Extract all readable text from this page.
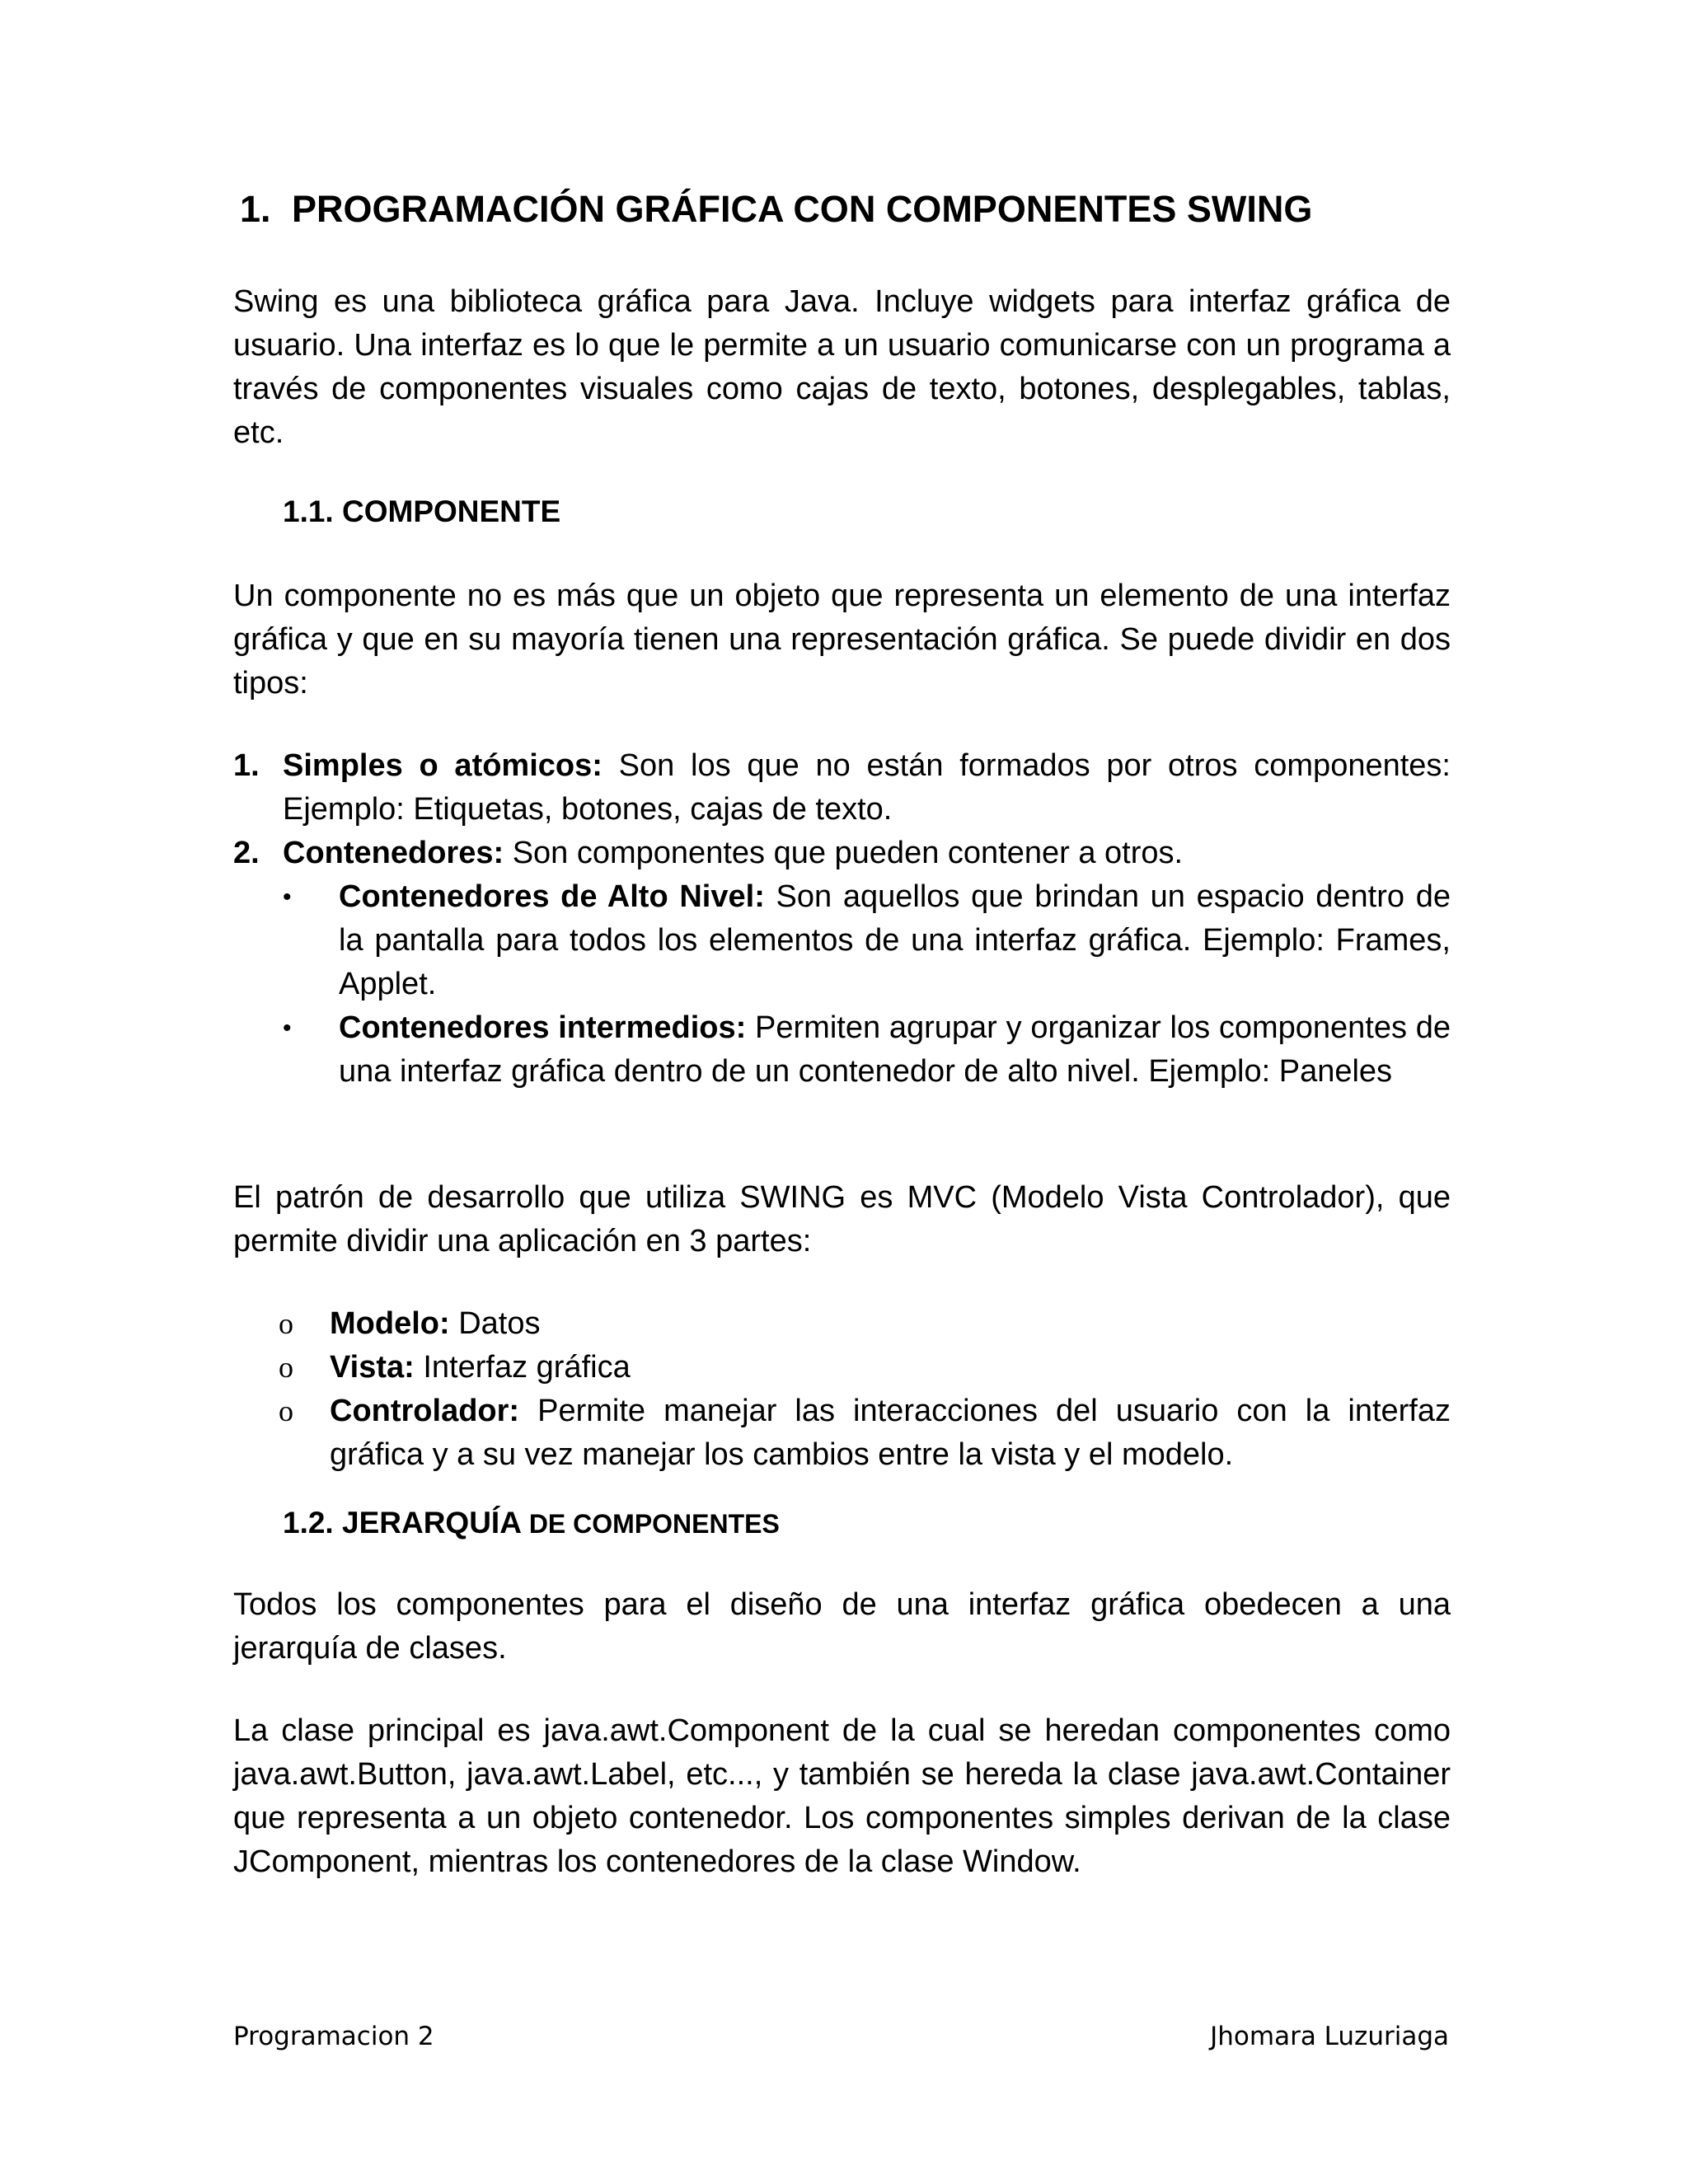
1. PROGRAMACIÓN GRÁFICA CON COMPONENTES SWING
Swing es una biblioteca gráfica para Java. Incluye widgets para interfaz gráfica de usuario. Una interfaz es lo que le permite a un usuario comunicarse con un programa a través de componentes visuales como cajas de texto, botones, desplegables, tablas, etc.
1.1. COMPONENTE
Un componente no es más que un objeto que representa un elemento de una interfaz gráfica y que en su mayoría tienen una representación gráfica. Se puede dividir en dos tipos:
1. Simples o atómicos: Son los que no están formados por otros componentes: Ejemplo: Etiquetas, botones, cajas de texto.
2. Contenedores: Son componentes que pueden contener a otros.
• Contenedores de Alto Nivel: Son aquellos que brindan un espacio dentro de la pantalla para todos los elementos de una interfaz gráfica. Ejemplo: Frames, Applet.
• Contenedores intermedios: Permiten agrupar y organizar los componentes de una interfaz gráfica dentro de un contenedor de alto nivel. Ejemplo: Paneles
El patrón de desarrollo que utiliza SWING es MVC (Modelo Vista Controlador), que permite dividir una aplicación en 3 partes:
o Modelo: Datos
o Vista: Interfaz gráfica
o Controlador: Permite manejar las interacciones del usuario con la interfaz gráfica y a su vez manejar los cambios entre la vista y el modelo.
1.2. JERARQUÍA DE COMPONENTES
Todos los componentes para el diseño de una interfaz gráfica obedecen a una jerarquía de clases.
La clase principal es java.awt.Component de la cual se heredan componentes como java.awt.Button, java.awt.Label, etc..., y también se hereda la clase java.awt.Container que representa a un objeto contenedor. Los componentes simples derivan de la clase JComponent, mientras los contenedores de la clase Window.
Programacion 2	Jhomara Luzuriaga
